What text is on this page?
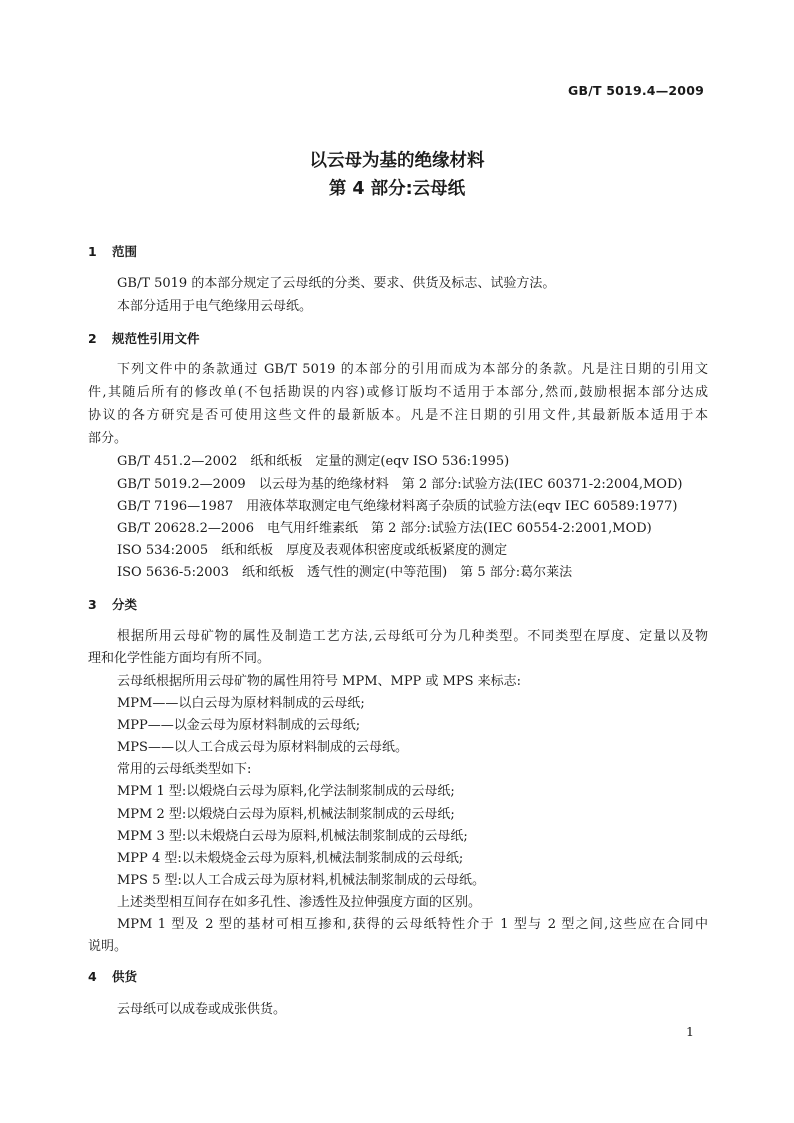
GB/T 5019.4—2009
以云母为基的绝缘材料
第 4 部分:云母纸
1 范围
GB/T 5019 的本部分规定了云母纸的分类、要求、供货及标志、试验方法。
本部分适用于电气绝缘用云母纸。
2 规范性引用文件
下列文件中的条款通过 GB/T 5019 的本部分的引用而成为本部分的条款。凡是注日期的引用文
件,其随后所有的修改单(不包括勘误的内容)或修订版均不适用于本部分,然而,鼓励根据本部分达成
协议的各方研究是否可使用这些文件的最新版本。凡是不注日期的引用文件,其最新版本适用于本
部分。
GB/T 451.2—2002　纸和纸板　定量的测定(eqv ISO 536:1995)
GB/T 5019.2—2009　以云母为基的绝缘材料　第 2 部分:试验方法(IEC 60371-2:2004,MOD)
GB/T 7196—1987　用液体萃取测定电气绝缘材料离子杂质的试验方法(eqv IEC 60589:1977)
GB/T 20628.2—2006　电气用纤维素纸　第 2 部分:试验方法(IEC 60554-2:2001,MOD)
ISO 534:2005　纸和纸板　厚度及表观体积密度或纸板紧度的测定
ISO 5636-5:2003　纸和纸板　透气性的测定(中等范围)　第 5 部分:葛尔莱法
3 分类
根据所用云母矿物的属性及制造工艺方法,云母纸可分为几种类型。不同类型在厚度、定量以及物
理和化学性能方面均有所不同。
云母纸根据所用云母矿物的属性用符号 MPM、MPP 或 MPS 来标志:
MPM——以白云母为原材料制成的云母纸;
MPP——以金云母为原材料制成的云母纸;
MPS——以人工合成云母为原材料制成的云母纸。
常用的云母纸类型如下:
MPM 1 型:以煅烧白云母为原料,化学法制浆制成的云母纸;
MPM 2 型:以煅烧白云母为原料,机械法制浆制成的云母纸;
MPM 3 型:以未煅烧白云母为原料,机械法制浆制成的云母纸;
MPP 4 型:以未煅烧金云母为原料,机械法制浆制成的云母纸;
MPS 5 型:以人工合成云母为原材料,机械法制浆制成的云母纸。
上述类型相互间存在如多孔性、渗透性及拉伸强度方面的区别。
MPM 1 型及 2 型的基材可相互掺和,获得的云母纸特性介于 1 型与 2 型之间,这些应在合同中
说明。
4 供货
云母纸可以成卷或成张供货。
1
